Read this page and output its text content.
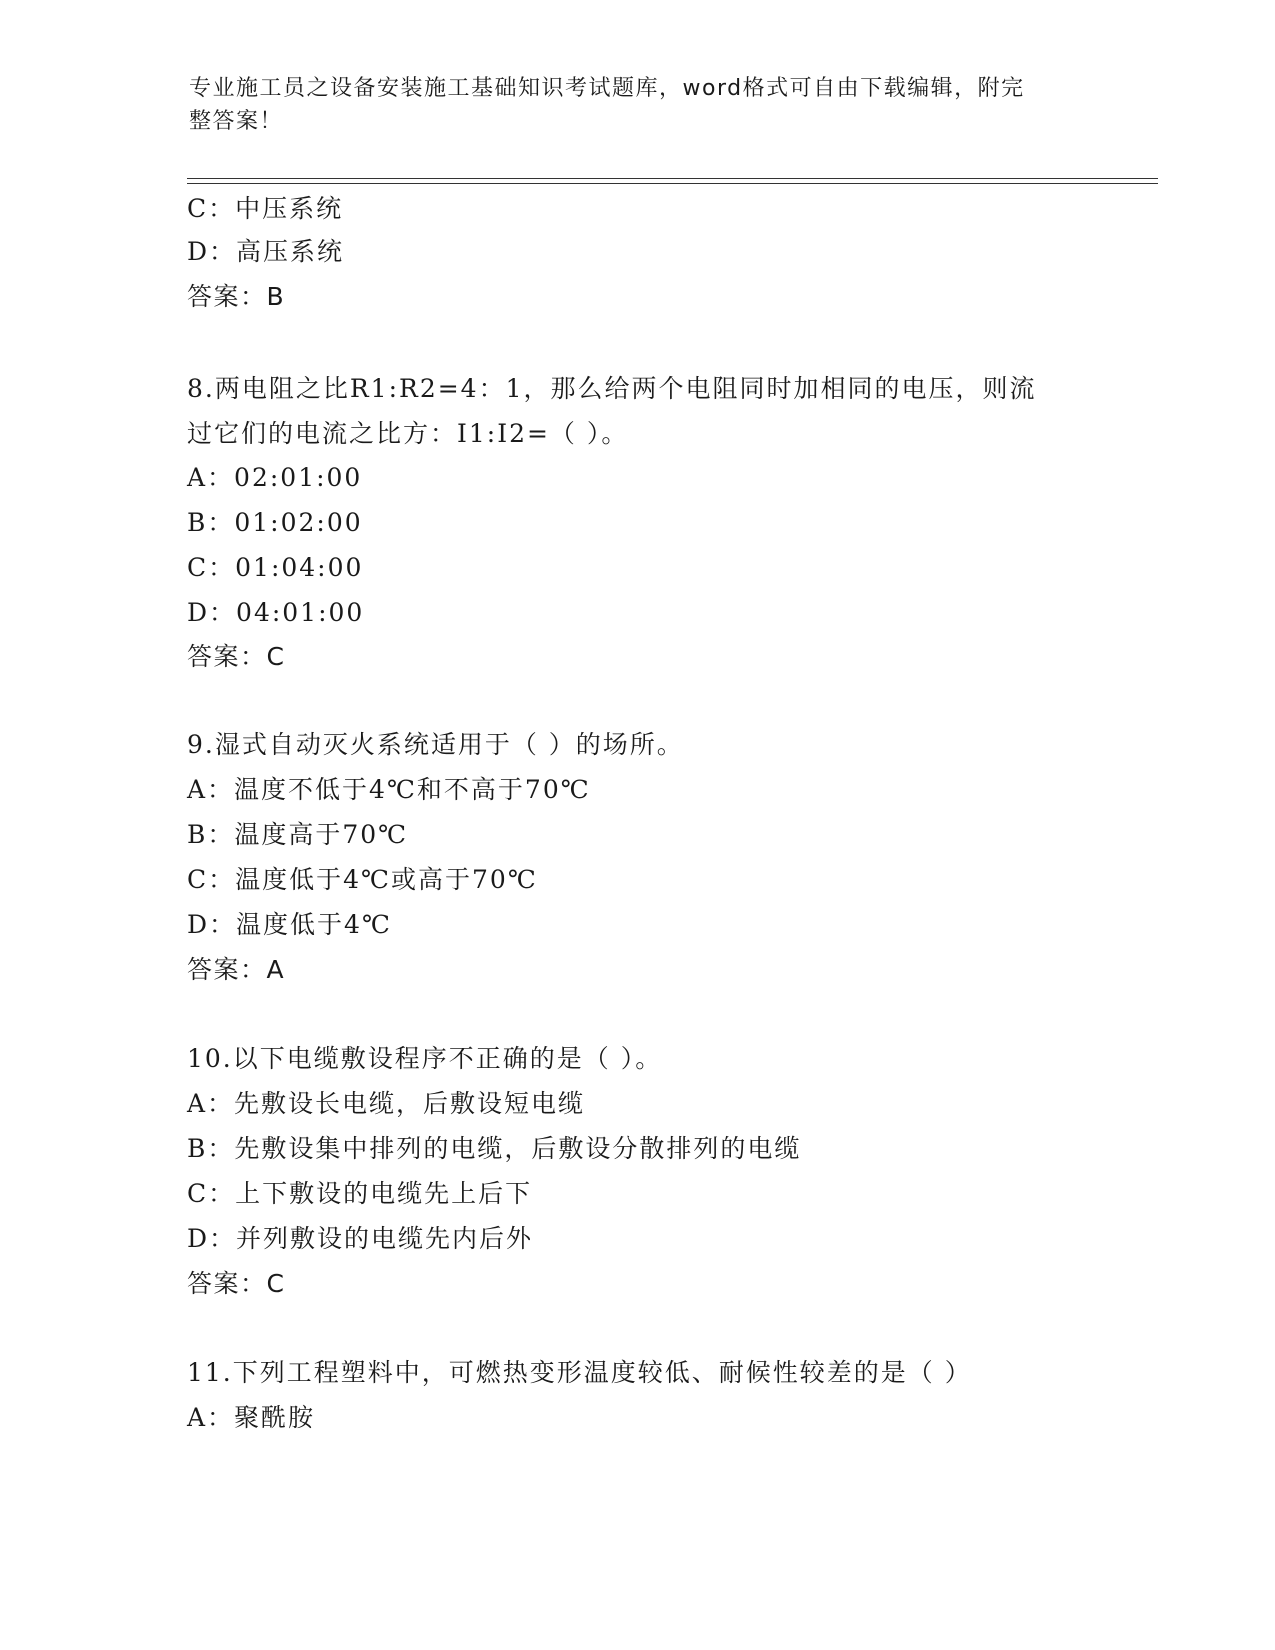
专业施工员之设备安装施工基础知识考试题库，word格式可自由下载编辑，附完
整答案！
C：中压系统
D：高压系统
答案：B
8.两电阻之比R1:R2=4：1，那么给两个电阻同时加相同的电压，则流
过它们的电流之比方：I1:I2=（ ）。
A：02:01:00
B：01:02:00
C：01:04:00
D：04:01:00
答案：C
9.湿式自动灭火系统适用于（ ）的场所。
A：温度不低于4℃和不高于70℃
B：温度高于70℃
C：温度低于4℃或高于70℃
D：温度低于4℃
答案：A
10.以下电缆敷设程序不正确的是（ ）。
A：先敷设长电缆，后敷设短电缆
B：先敷设集中排列的电缆，后敷设分散排列的电缆
C：上下敷设的电缆先上后下
D：并列敷设的电缆先内后外
答案：C
11.下列工程塑料中，可燃热变形温度较低、耐候性较差的是（ ）
A：聚酰胺
